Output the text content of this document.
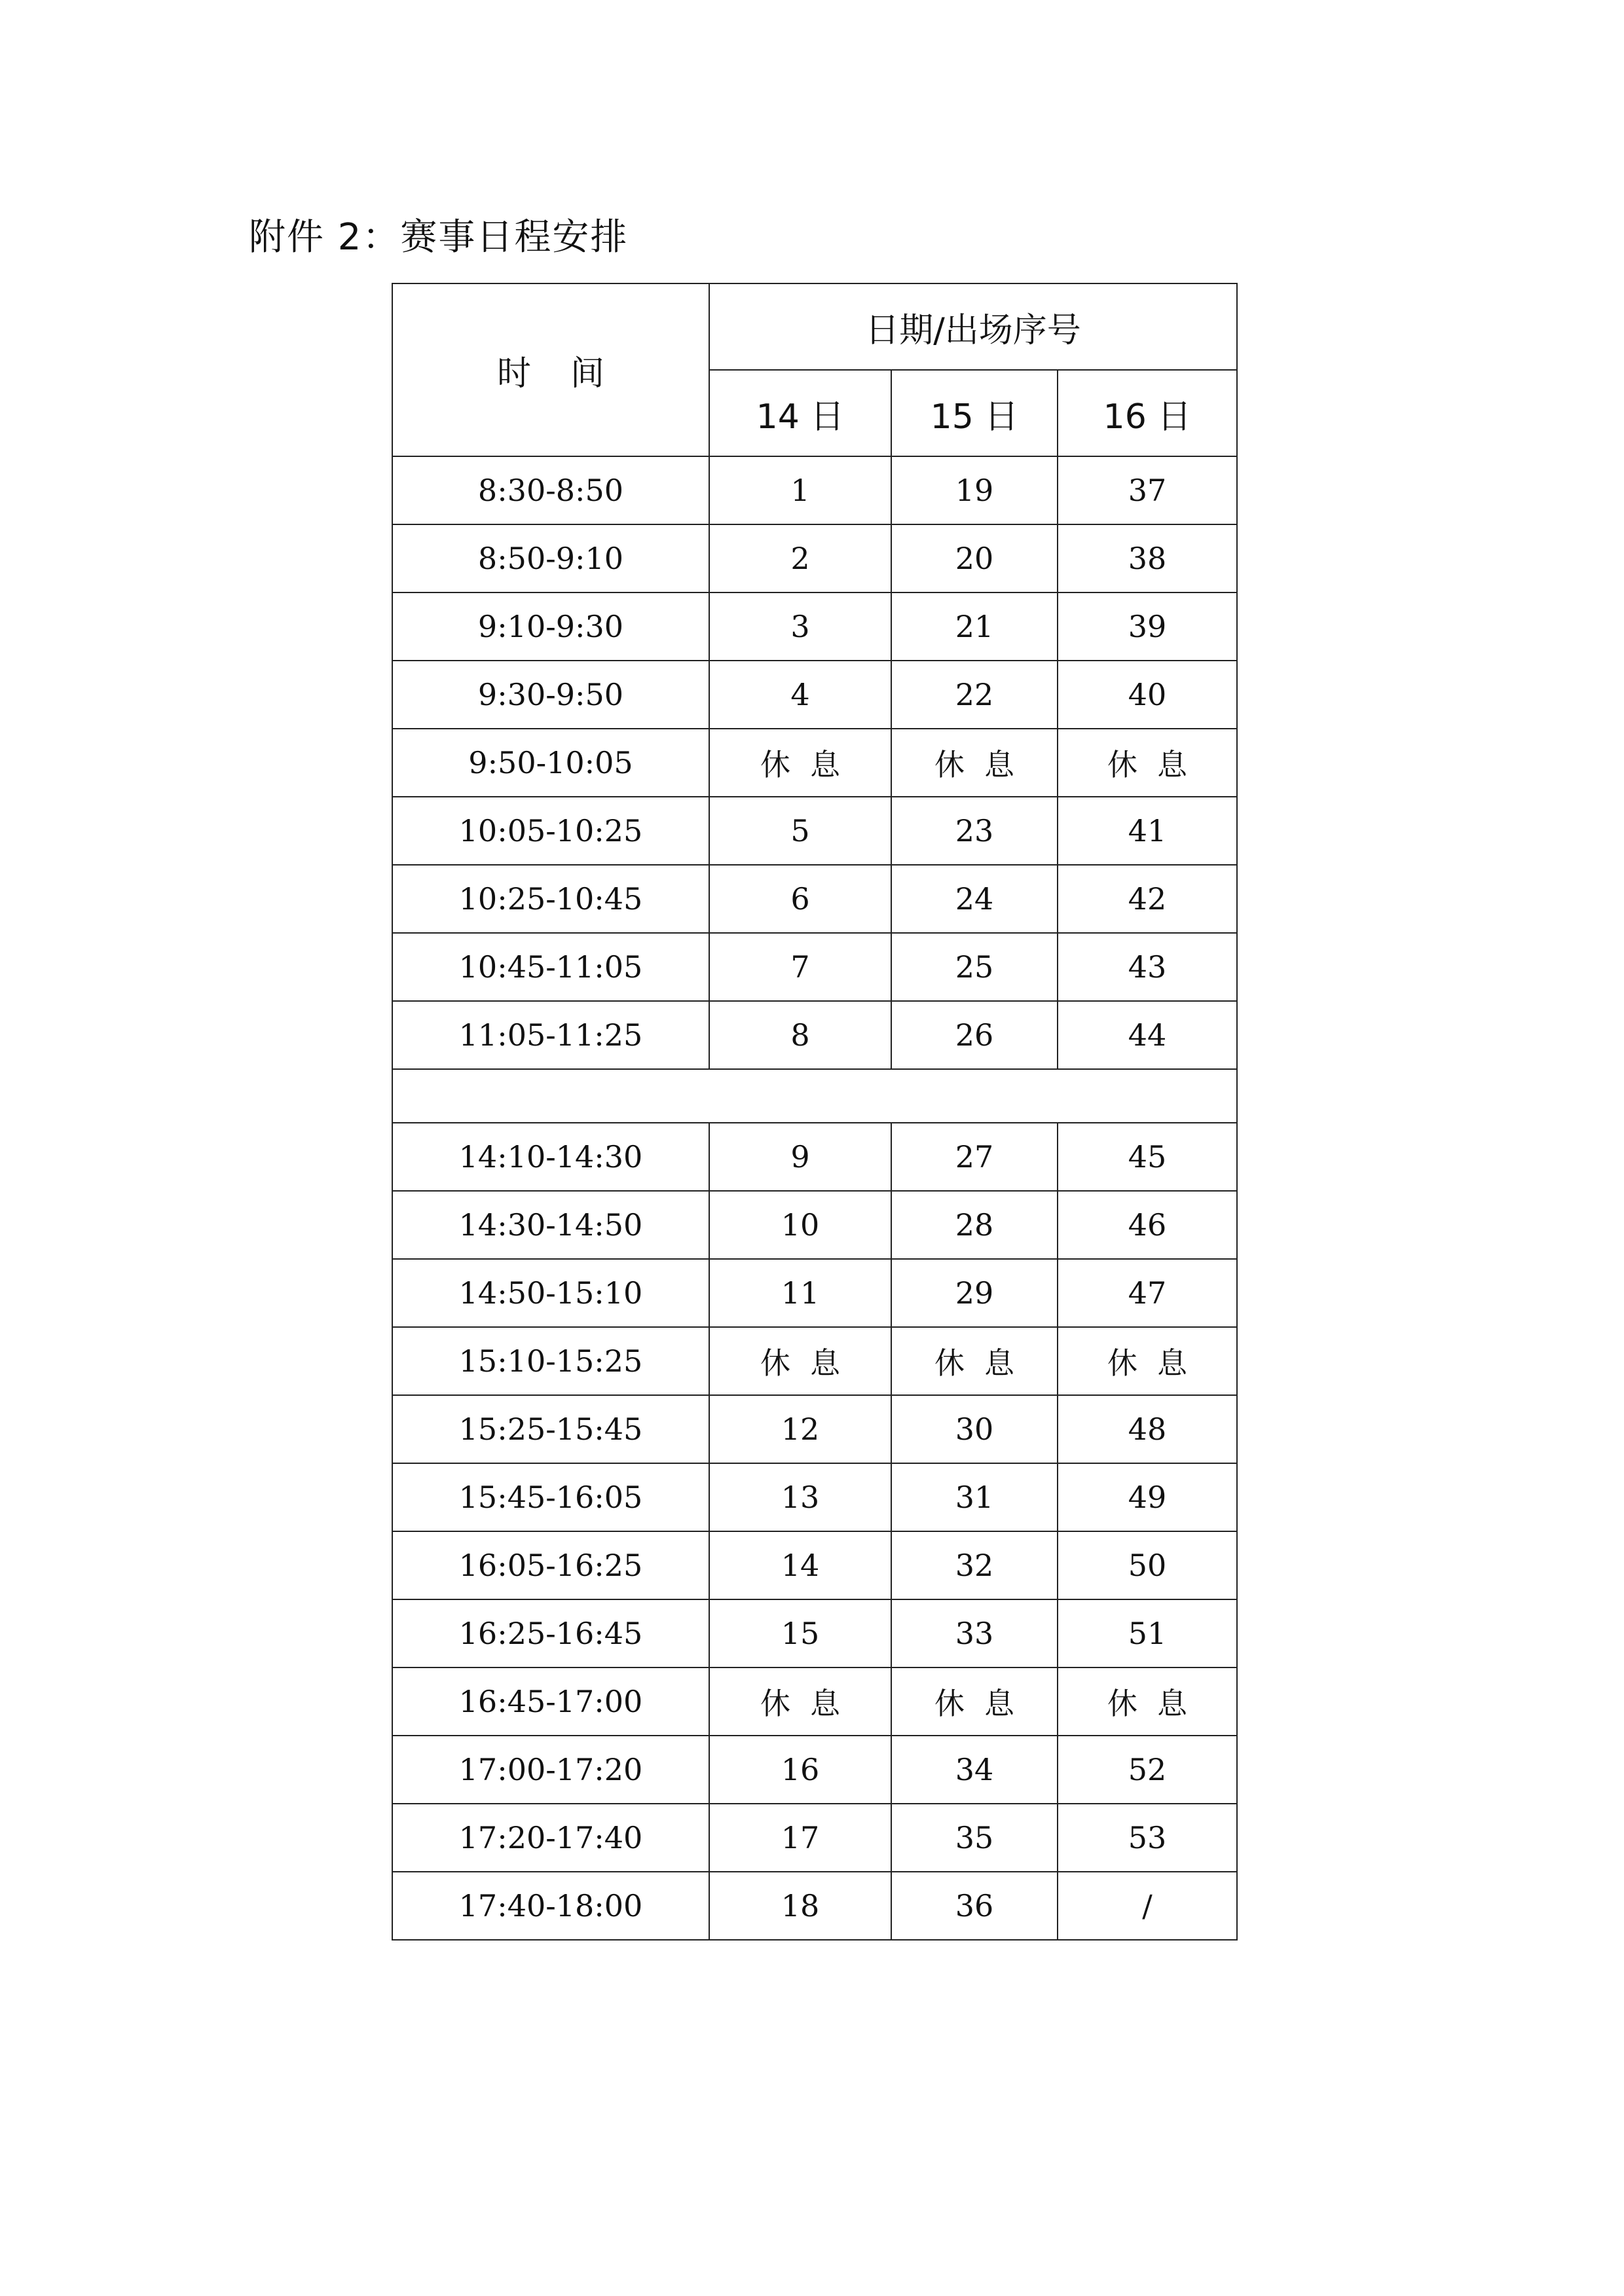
附件 2：赛事日程安排
时间	日期/出场序号		
	14 日	15 日	16 日
8:30-8:50	1	19	37
8:50-9:10	2	20	38
9:10-9:30	3	21	39
9:30-9:50	4	22	40
9:50-10:05	休息	休息	休息
10:05-10:25	5	23	41
10:25-10:45	6	24	42
10:45-11:05	7	25	43
11:05-11:25	8	26	44

14:10-14:30	9	27	45
14:30-14:50	10	28	46
14:50-15:10	11	29	47
15:10-15:25	休息	休息	休息
15:25-15:45	12	30	48
15:45-16:05	13	31	49
16:05-16:25	14	32	50
16:25-16:45	15	33	51
16:45-17:00	休息	休息	休息
17:00-17:20	16	34	52
17:20-17:40	17	35	53
17:40-18:00	18	36	/
